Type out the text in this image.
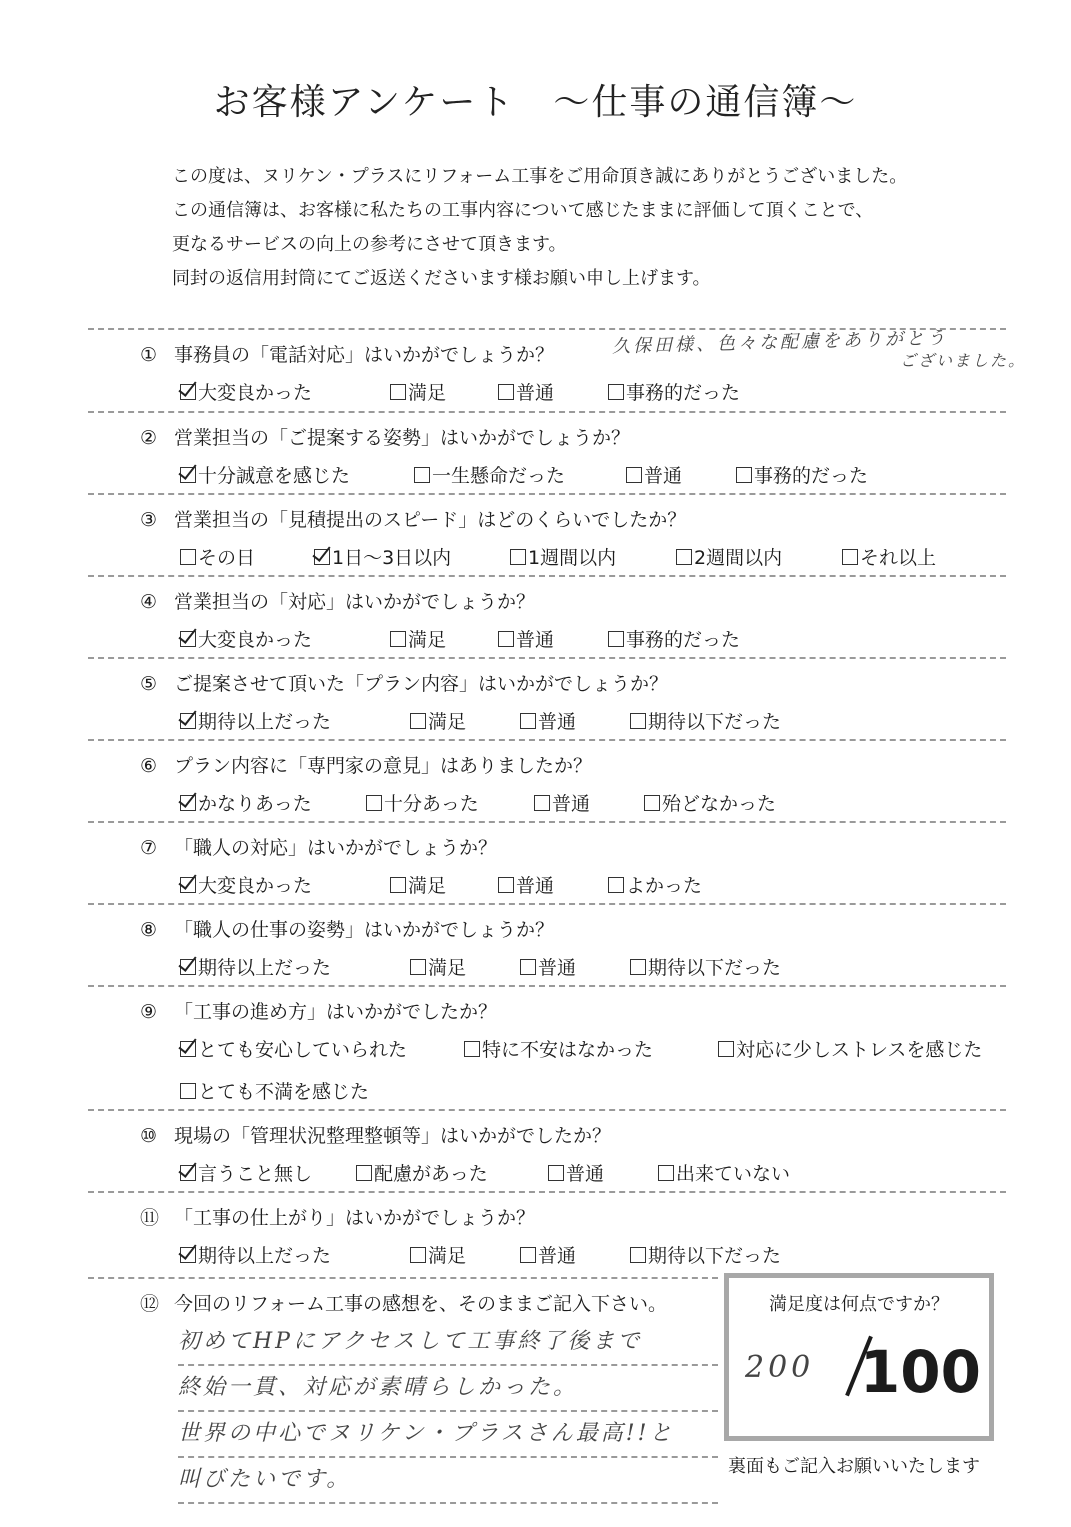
お客様アンケート　〜仕事の通信簿〜
この度は、ヌリケン・プラスにリフォーム工事をご用命頂き誠にありがとうございました。
この通信簿は、お客様に私たちの工事内容について感じたままに評価して頂くことで、
更なるサービスの向上の参考にさせて頂きます。
同封の返信用封筒にてご返送くださいます様お願い申し上げます。
① 事務員の「電話対応」はいかがでしょうか？
大変良かった	満足	普通	事務的だった
久保田様、色々な配慮をありがとう
ございました。
② 営業担当の「ご提案する姿勢」はいかがでしょうか？
十分誠意を感じた	一生懸命だった	普通	事務的だった
③ 営業担当の「見積提出のスピード」はどのくらいでしたか？
その日	1日〜3日以内	1週間以内	2週間以内	それ以上
④ 営業担当の「対応」はいかがでしょうか？
大変良かった	満足	普通	事務的だった
⑤ ご提案させて頂いた「プラン内容」はいかがでしょうか？
期待以上だった	満足	普通	期待以下だった
⑥ プラン内容に「専門家の意見」はありましたか？
かなりあった	十分あった	普通	殆どなかった
⑦ 「職人の対応」はいかがでしょうか？
大変良かった	満足	普通	よかった
⑧ 「職人の仕事の姿勢」はいかがでしょうか？
期待以上だった	満足	普通	期待以下だった
⑨ 「工事の進め方」はいかがでしたか？
とても安心していられた	特に不安はなかった	対応に少しストレスを感じた
とても不満を感じた
⑩ 現場の「管理状況整理整頓等」はいかがでしたか？
言うこと無し	配慮があった	普通	出来ていない
⑪ 「工事の仕上がり」はいかがでしょうか？
期待以上だった	満足	普通	期待以下だった
⑫ 今回のリフォーム工事の感想を、そのままご記入下さい。
初めてHPにアクセスして工事終了後まで
終始一貫、対応が素晴らしかった。
世界の中心でヌリケン・プラスさん最高!!と
叫びたいです。
満足度は何点ですか？
200 100
裏面もご記入お願いいたします
